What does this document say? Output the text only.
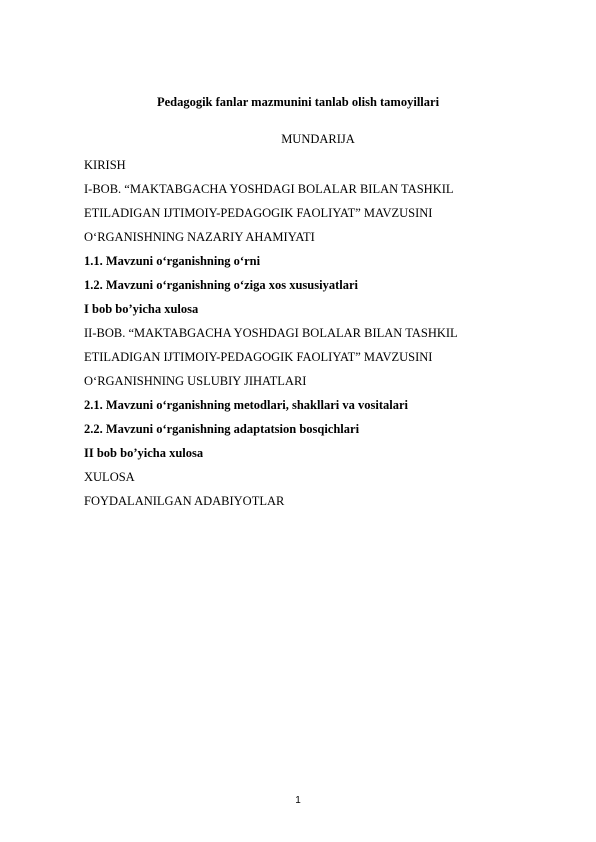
Pedagogik fanlar mazmunini tanlab olish tamoyillari
MUNDARIJA
KIRISH
I-BOB. “MAKTABGACHA YOSHDAGI BOLALAR BILAN TASHKIL
ETILADIGAN IJTIMOIY-PEDAGOGIK FAOLIYAT” MAVZUSINI
O‘RGANISHNING NAZARIY AHAMIYATI
1.1. Mavzuni o‘rganishning o‘rni
1.2. Mavzuni o‘rganishning o‘ziga xos xususiyatlari
I bob bo’yicha xulosa
II-BOB. “MAKTABGACHA YOSHDAGI BOLALAR BILAN TASHKIL
ETILADIGAN IJTIMOIY-PEDAGOGIK FAOLIYAT” MAVZUSINI
O‘RGANISHNING USLUBIY JIHATLARI
2.1. Mavzuni o‘rganishning metodlari, shakllari va vositalari
2.2. Mavzuni o‘rganishning adaptatsion bosqichlari
II bob bo’yicha xulosa
XULOSA
FOYDALANILGAN ADABIYOTLAR
1
